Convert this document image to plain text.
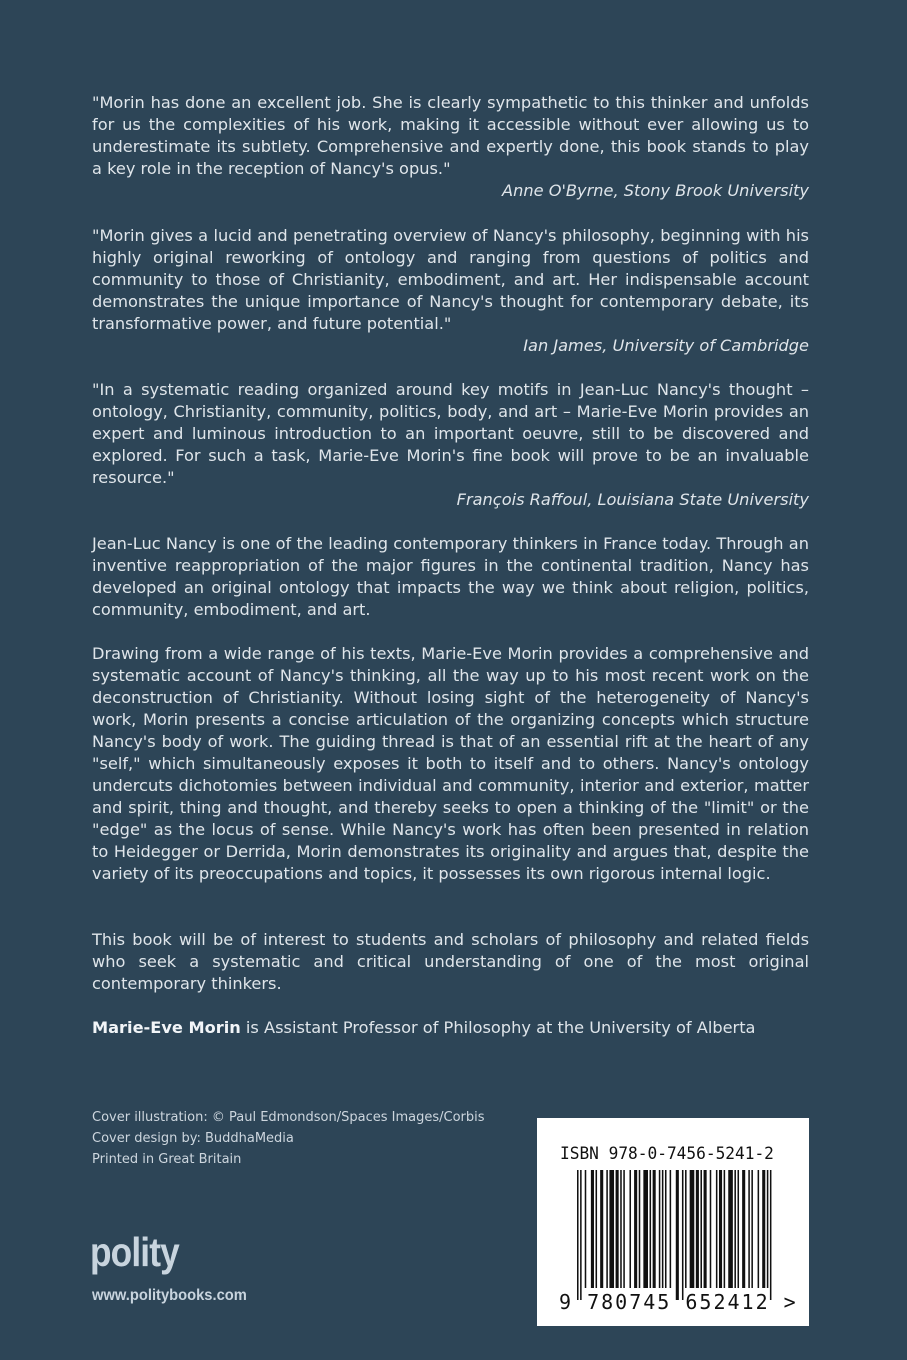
"Morin has done an excellent job. She is clearly sympathetic to this thinker and unfolds for us the complexities of his work, making it accessible without ever allowing us to underestimate its subtlety. Comprehensive and expertly done, this book stands to play a key role in the reception of Nancy's opus."

Anne O'Byrne, Stony Brook University

"Morin gives a lucid and penetrating overview of Nancy's philosophy, beginning with his highly original reworking of ontology and ranging from questions of politics and community to those of Christianity, embodiment, and art. Her indispensable account demonstrates the unique importance of Nancy's thought for contemporary debate, its transformative power, and future potential."

Ian James, University of Cambridge

"In a systematic reading organized around key motifs in Jean-Luc Nancy's thought – ontology, Christianity, community, politics, body, and art – Marie-Eve Morin provides an expert and luminous introduction to an important oeuvre, still to be discovered and explored. For such a task, Marie-Eve Morin's fine book will prove to be an invaluable resource."

François Raffoul, Louisiana State University

Jean-Luc Nancy is one of the leading contemporary thinkers in France today. Through an inventive reappropriation of the major figures in the continental tradition, Nancy has developed an original ontology that impacts the way we think about religion, politics, community, embodiment, and art.

Drawing from a wide range of his texts, Marie-Eve Morin provides a comprehensive and systematic account of Nancy's thinking, all the way up to his most recent work on the deconstruction of Christianity. Without losing sight of the heterogeneity of Nancy's work, Morin presents a concise articulation of the organizing concepts which structure Nancy's body of work. The guiding thread is that of an essential rift at the heart of any "self," which simultaneously exposes it both to itself and to others. Nancy's ontology undercuts dichotomies between individual and community, interior and exterior, matter and spirit, thing and thought, and thereby seeks to open a thinking of the "limit" or the "edge" as the locus of sense. While Nancy's work has often been presented in relation to Heidegger or Derrida, Morin demonstrates its originality and argues that, despite the variety of its preoccupations and topics, it possesses its own rigorous internal logic.

This book will be of interest to students and scholars of philosophy and related fields who seek a systematic and critical understanding of one of the most original contemporary thinkers.

Marie-Eve Morin is Assistant Professor of Philosophy at the University of Alberta

Cover illustration: © Paul Edmondson/Spaces Images/Corbis
Cover design by: BuddhaMedia
Printed in Great Britain
polity
www.politybooks.com
ISBN 978-0-7456-5241-2
9 780745 652412 >
